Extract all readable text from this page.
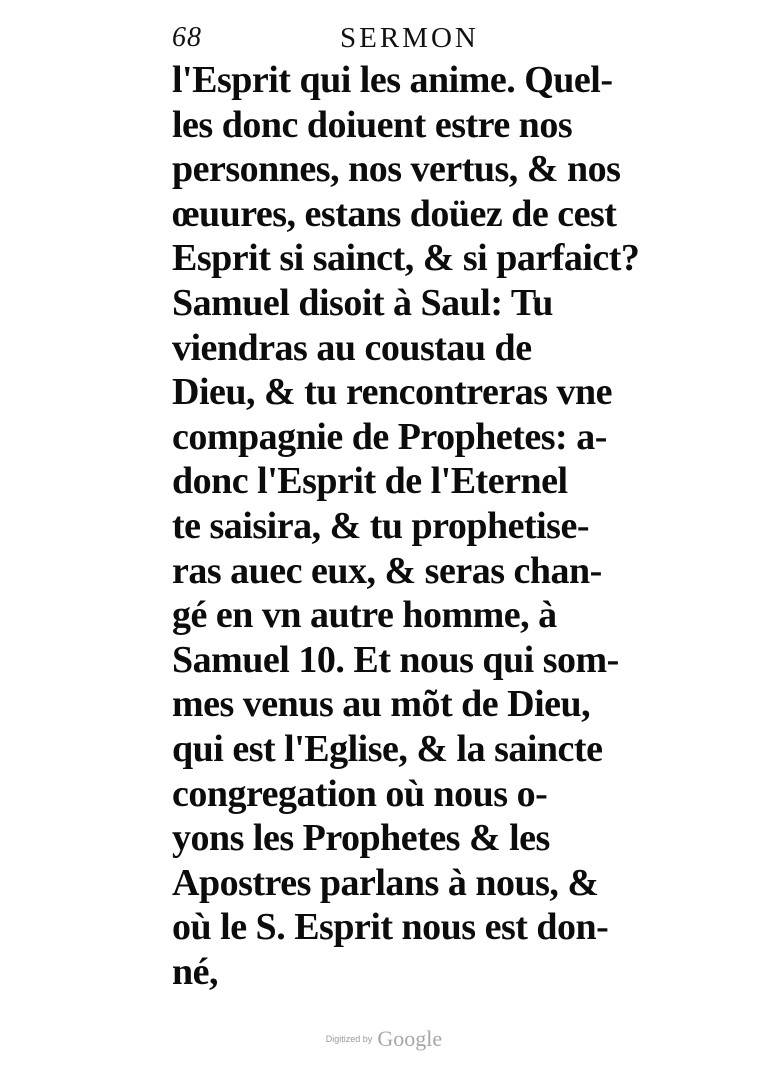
68	SERMON
l'Esprit qui les anime. Quel-
les donc doiuent estre nos
personnes, nos vertus, & nos
œuures, estans doüez de cest
Esprit si sainct, & si parfaict?
Samuel disoit à Saul: Tu
viendras au coustau de
Dieu, & tu rencontreras vne
compagnie de Prophetes: a-
donc l'Esprit de l'Eternel
te saisira, & tu prophetise-
ras auec eux, & seras chan-
gé en vn autre homme, à
Samuel 10. Et nous qui som-
mes venus au mõt de Dieu,
qui est l'Eglise, & la saincte
congregation où nous o-
yons les Prophetes & les
Apostres parlans à nous, &
où le S. Esprit nous est don-
né,
Digitized by Google
